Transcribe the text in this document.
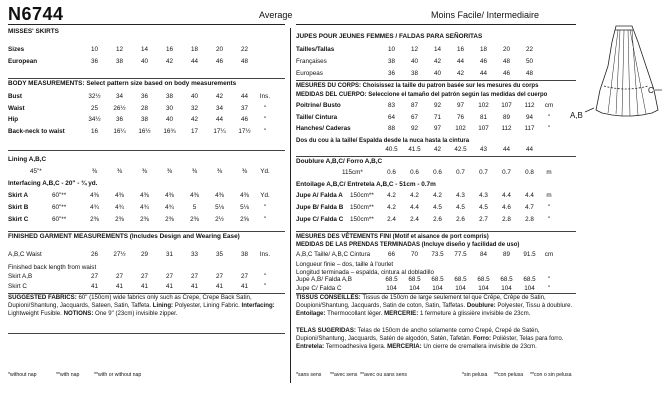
N6744	Average	Moins Facile/ Intermediaire
MISSES' SKIRTS
Sizes	10	12	14	16	18	20	22
European	36	38	40	42	44	46	48
BODY MEASUREMENTS: Select pattern size based on body measurements
Bust	32½	34	36	38	40	42	44	Ins.
Waist	25	26½	28	30	32	34	37	"
Hip	34½	36	38	40	42	44	46	"
Back-neck to waist	16	16¼	16½	16¾	17	17¼	17½	"
Lining A,B,C
45"*	⅜	⅜	⅜	⅜	⅜	⅜	⅜	Yd.
Interfacing A,B,C - 20" - ¾ yd.
Skirt A	60"**	4⅜	4⅜	4⅜	4⅜	4⅜	4⅜	4⅜	Yd.
Skirt B	60"**	4¾	4¾	4¾	4¾	5	5⅛	5⅛	"
Skirt C	60"**	2⅜	2⅜	2⅜	2⅜	2⅜	2½	2⅝	"
FINISHED GARMENT MEASUREMENTS (Includes Design and Wearing Ease)
A,B,C Waist	26	27½	29	31	33	35	38	Ins.
Finished back length from waist
Skirt A,B	27	27	27	27	27	27	27	"
Skirt C	41	41	41	41	41	41	41	"
SUGGESTED FABRICS: 60" (150cm) wide fabrics only such as Crepe, Crepe Back Satin, Dupioni/Shantung, Jacquards, Sateen, Satin, Taffeta. Lining: Polyester, Lining Fabric. Interfacing: Lightweight Fusible. NOTIONS: One 9" (23cm) invisible zipper.
*without nap	**with nap	**with or without nap
JUPES POUR JEUNES FEMMES / FALDAS PARA SEÑORITAS
Tailles/Tallas	10	12	14	16	18	20	22
Françaises	38	40	42	44	46	48	50
Europeas	36	38	40	42	44	46	48
MESURES DU CORPS: Choisissez la taille du patron basée sur les mesures du corps
MEDIDAS DEL CUERPO: Seleccione el tamaño del patrón según las medidas del cuerpo
Poitrine/ Busto	83	87	92	97	102	107	112	cm
Taille/ Cintura	64	67	71	76	81	89	94	"
Hanches/ Caderas	88	92	97	102	107	112	117	"
Dos du cou à la taille/ Espalda desde la nuca hasta la cintura
40.5	41.5	42	42.5	43	44	44
Doublure A,B,C/ Forro A,B,C
115cm*	0.6	0.6	0.6	0.7	0.7	0.7	0.8	m
Entoilage A,B,C/ Entretela A,B,C - 51cm - 0.7m
Jupe A/ Falda A	150cm**	4.2	4.2	4.2	4.3	4.3	4.4	4.4	m
Jupe B/ Falda B	150cm**	4.2	4.4	4.5	4.5	4.5	4.6	4.7	"
Jupe C/ Falda C	150cm**	2.4	2.4	2.6	2.6	2.7	2.8	2.8	"
MESURES DES VÊTEMENTS FINI (Motif et aisance de port compris)
MEDIDAS DE LAS PRENDAS TERMINADAS (Incluye diseño y facilidad de uso)
A,B,C Taille/ A,B,C Cintura	66	70	73.5	77.5	84	89	91.5	cm
Longueur finie – dos, taille à l'ourlet
Longitud terminada – espalda, cintura al dobladillo
Jupe A,B/ Falda A,B	68.5	68.5	68.5	68.5	68.5	68.5	68.5	"
Jupe C/ Falda C	104	104	104	104	104	104	104	"
TISSUS CONSEILLÉS: Tissus de 150cm de large seulement tel que Crêpe, Crêpe de Satin, Doupioni/Shantung, Jacquards, Satin de coton, Satin, Taffetas. Doublure: Polyester, Tissu à doublure. Entoilage: Thermocollant léger. MERCERIE: 1 fermeture à glissière invisible de 23cm.
TELAS SUGERIDAS: Telas de 150cm de ancho solamente como Crepé, Crepé de Satén, Dupioni/Shantung, Jacquards, Satén de algodón, Satén, Tafetán. Forro: Poliéster, Telas para forro. Entretela: Termoadhesiva ligera. MERCERIA: Un cierre de cremallera invisible de 23cm.
*sans sens **avec sens **avec ou sans sens	*sin pelusa **con pelusa **con o sin pelusa
C
A,B
